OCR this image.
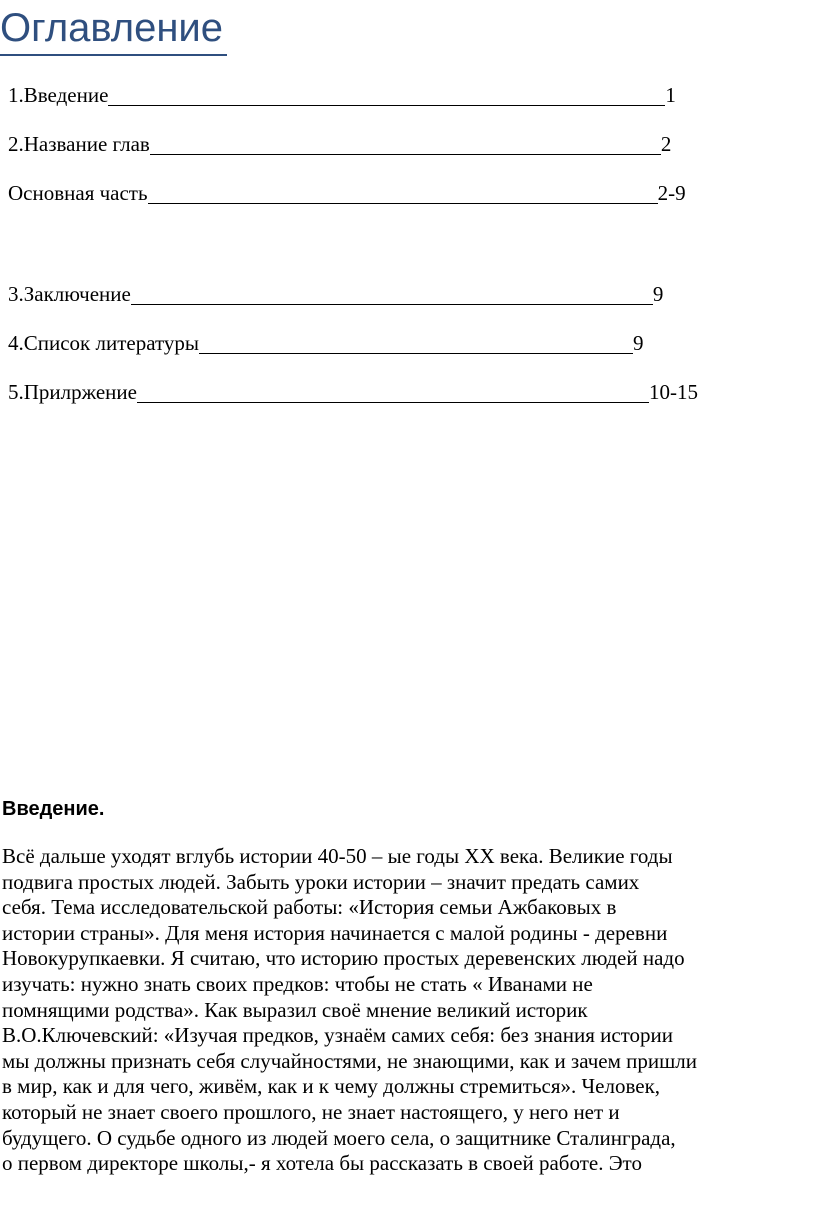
Оглавление
1.Введение	1
2.Название глав	2
Основная часть	2-9
3.Заключение	9
4.Список литературы	9
5.Прилржение	10-15
Введение.

Всё дальше уходят вглубь истории 40-50 – ые годы XX века. Великие годы
подвига простых людей. Забыть уроки истории – значит предать самих
себя. Тема исследовательской работы: «История семьи Ажбаковых в
истории страны». Для меня история начинается с малой родины - деревни
Новокурупкаевки. Я считаю, что историю простых деревенских людей надо
изучать: нужно знать своих предков: чтобы не стать « Иванами не
помнящими родства». Как выразил своё мнение великий историк
В.О.Ключевский: «Изучая предков, узнаём самих себя: без знания истории
мы должны признать себя случайностями, не знающими, как и зачем пришли
в мир, как и для чего, живём, как и к чему должны стремиться». Человек,
который не знает своего прошлого, не знает настоящего, у него нет и
будущего. О судьбе одного из людей моего села, о защитнике Сталинграда,
о первом директоре школы,- я хотела бы рассказать в своей работе. Это
